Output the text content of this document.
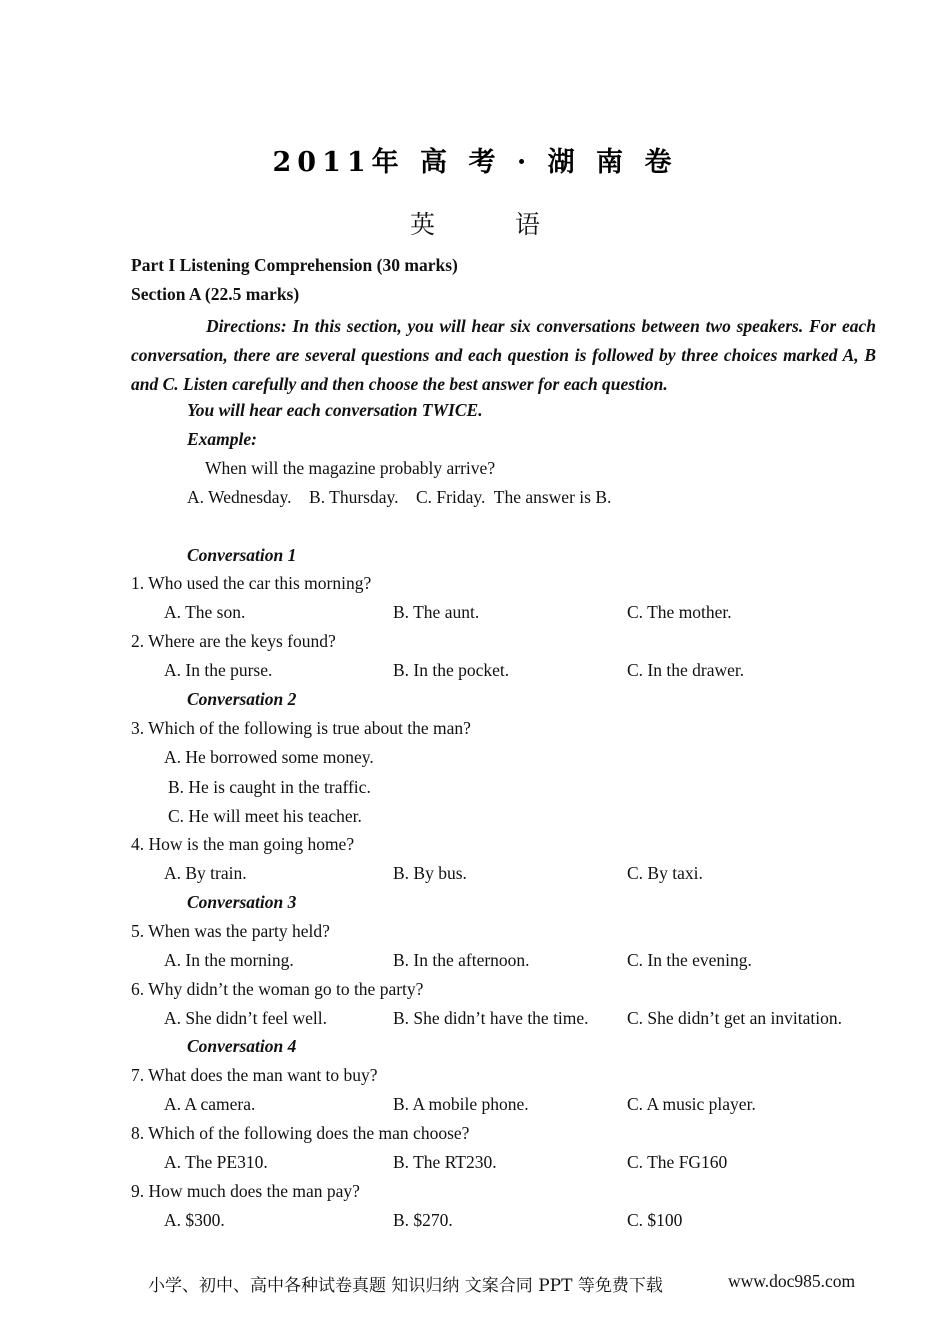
2011年 高 考 · 湖 南 卷
英	语
Part I Listening Comprehension (30 marks)
Section A (22.5 marks)
Directions: In this section, you will hear six conversations between two speakers. For each conversation, there are several questions and each question is followed by three choices marked A, B and C. Listen carefully and then choose the best answer for each question.
You will hear each conversation TWICE.
Example:
When will the magazine probably arrive?
A. Wednesday.    B. Thursday.    C. Friday.  The answer is B.
Conversation 1
1. Who used the car this morning?
A. The son.	B. The aunt.	C. The mother.
2. Where are the keys found?
A. In the purse.	B. In the pocket.	C. In the drawer.
Conversation 2
3. Which of the following is true about the man?
A. He borrowed some money.
B. He is caught in the traffic.
C. He will meet his teacher.
4. How is the man going home?
A. By train.	B. By bus.	C. By taxi.
Conversation 3
5. When was the party held?
A. In the morning.	B. In the afternoon.	C. In the evening.
6. Why didn’t the woman go to the party?
A. She didn’t feel well.	B. She didn’t have the time. C. She didn’t get an invitation.
Conversation 4
7. What does the man want to buy?
A. A camera.	B. A mobile phone.	C. A music player.
8. Which of the following does the man choose?
A. The PE310.	B. The RT230.	C. The FG160
9. How much does the man pay?
A. $300.	B. $270.	C. $100
小学、初中、高中各种试卷真题 知识归纳 文案合同 PPT 等免费下载	www.doc985.com
